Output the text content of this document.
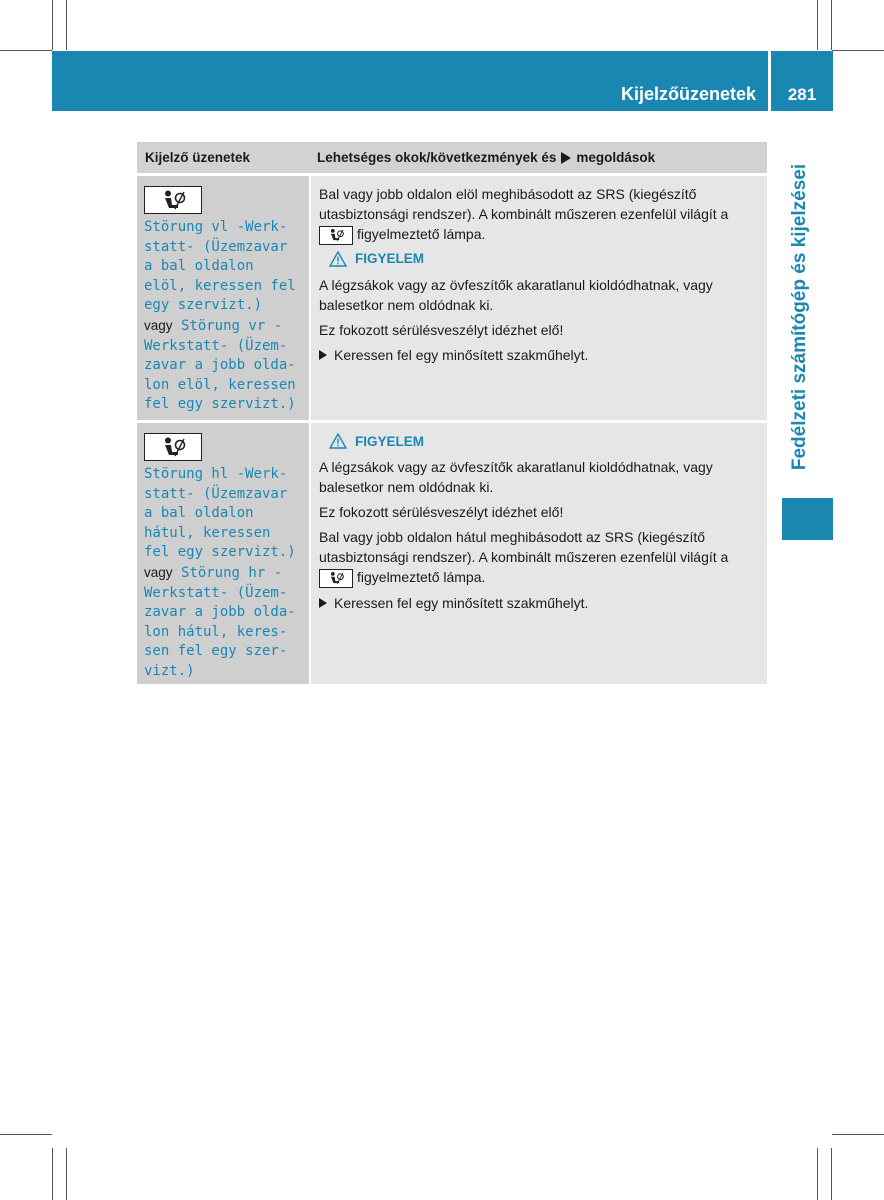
Kijelzőüzenetek	281
Fedélzeti számítógép és kijelzései
Kijelző üzenetek	Lehetséges okok/következmények és megoldások
Störung vl -Werk-
statt- (Üzemzavar
a bal oldalon
elöl, keressen fel
egy szervizt.)
vagy Störung vr -
Werkstatt- (Üzem-
zavar a jobb olda-
lon elöl, keressen
fel egy szervizt.)

Bal vagy jobb oldalon elöl meghibásodott az SRS (kiegészítő utasbiztonsági rendszer). A kombinált műszeren ezenfelül világít a

figyelmeztető lámpa.

FIGYELEM

A légzsákok vagy az övfeszítők akaratlanul kioldódhatnak, vagy balesetkor nem oldódnak ki.

Ez fokozott sérülésveszélyt idézhet elő!

Keressen fel egy minősített szakműhelyt.
Störung hl -Werk-
statt- (Üzemzavar
a bal oldalon
hátul, keressen
fel egy szervizt.)
vagy Störung hr -
Werkstatt- (Üzem-
zavar a jobb olda-
lon hátul, keres-
sen fel egy szer-
vizt.)
FIGYELEM

A légzsákok vagy az övfeszítők akaratlanul kioldódhatnak, vagy balesetkor nem oldódnak ki.

Ez fokozott sérülésveszélyt idézhet elő!

Bal vagy jobb oldalon hátul meghibásodott az SRS (kiegészítő utasbiztonsági rendszer). A kombinált műszeren ezenfelül világít a

figyelmeztető lámpa.

Keressen fel egy minősített szakműhelyt.
